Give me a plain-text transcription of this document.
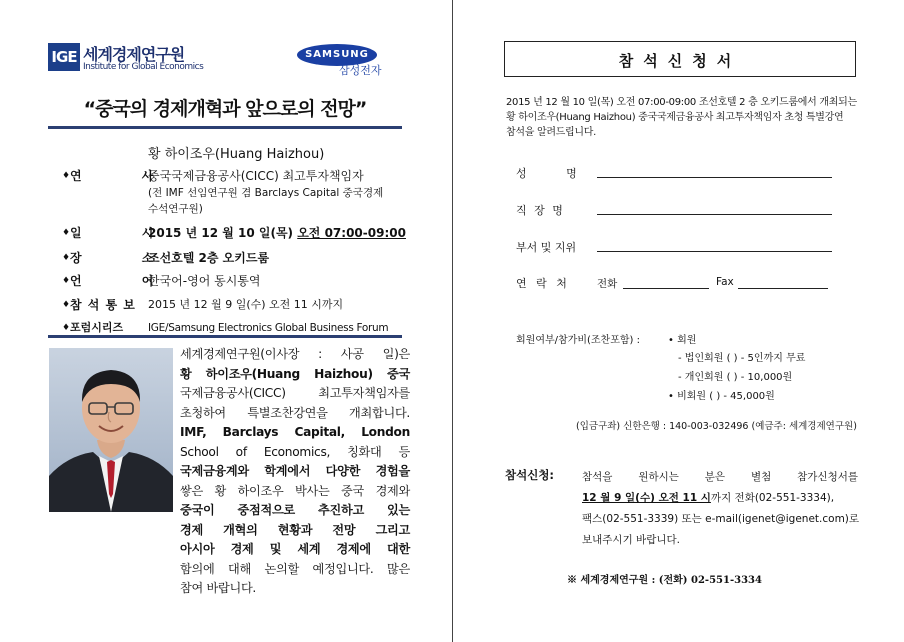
IGE 세계경제연구원
Institute for Global Economics
SAMSUNG
삼성전자
“중국의 경제개혁과 앞으로의 전망”
황 하이조우(Huang Haizhou)
♦ 연 사
중국국제금융공사(CICC) 최고투자책임자
(전 IMF 선임연구원 겸 Barclays Capital 중국경제
수석연구원)
♦ 일 시
2015 년 12 월 10 일(목) 오전 07:00-09:00
♦ 장 소
조선호텔 2층 오키드룸
♦ 언 어
한국어-영어 동시통역
♦ 참 석 통 보 2015 년 12 월 9 일(수) 오전 11 시까지
♦ 포럼시리즈 IGE/Samsung Electronics Global Business Forum
세계경제연구원(이사장 : 사공 일)은
황 하이조우(Huang Haizhou) 중국
국제금융공사(CICC) 최고투자책임자를
초청하여 특별조찬강연을 개최합니다.
IMF, Barclays Capital, London
School of Economics, 칭화대 등
국제금융계와 학계에서 다양한 경험을
쌓은 황 하이조우 박사는 중국 경제와
중국이 중점적으로 추진하고 있는
경제 개혁의 현황과 전망 그리고
아시아 경제 및 세계 경제에 대한
함의에 대해 논의할 예정입니다. 많은
참여 바랍니다.
참석신청서
2015 년 12 월 10 일(목) 오전 07:00-09:00 조선호텔 2 층 오키드룸에서 개최되는
황 하이조우(Huang Haizhou) 중국국제금융공사 최고투자책임자 초청 특별강연
참석을 알려드립니다.
성 명
직 장 명
부서 및 지위
연 락 처	전화	Fax
회원여부/참가비(조찬포함) :	• 회원
- 법인회원 ( ) - 5인까지 무료
- 개인회원 ( ) - 10,000원
• 비회원 ( ) - 45,000원
(입금구좌) 신한은행 : 140-003-032496 (예금주: 세계경제연구원)
참석신청:	참석을 원하시는 분은 별첨 참가신청서를
12 월 9 일(수) 오전 11 시까지 전화(02-551-3334),
팩스(02-551-3339) 또는 e-mail(igenet@igenet.com)로
보내주시기 바랍니다.
※ 세계경제연구원 : (전화) 02-551-3334
